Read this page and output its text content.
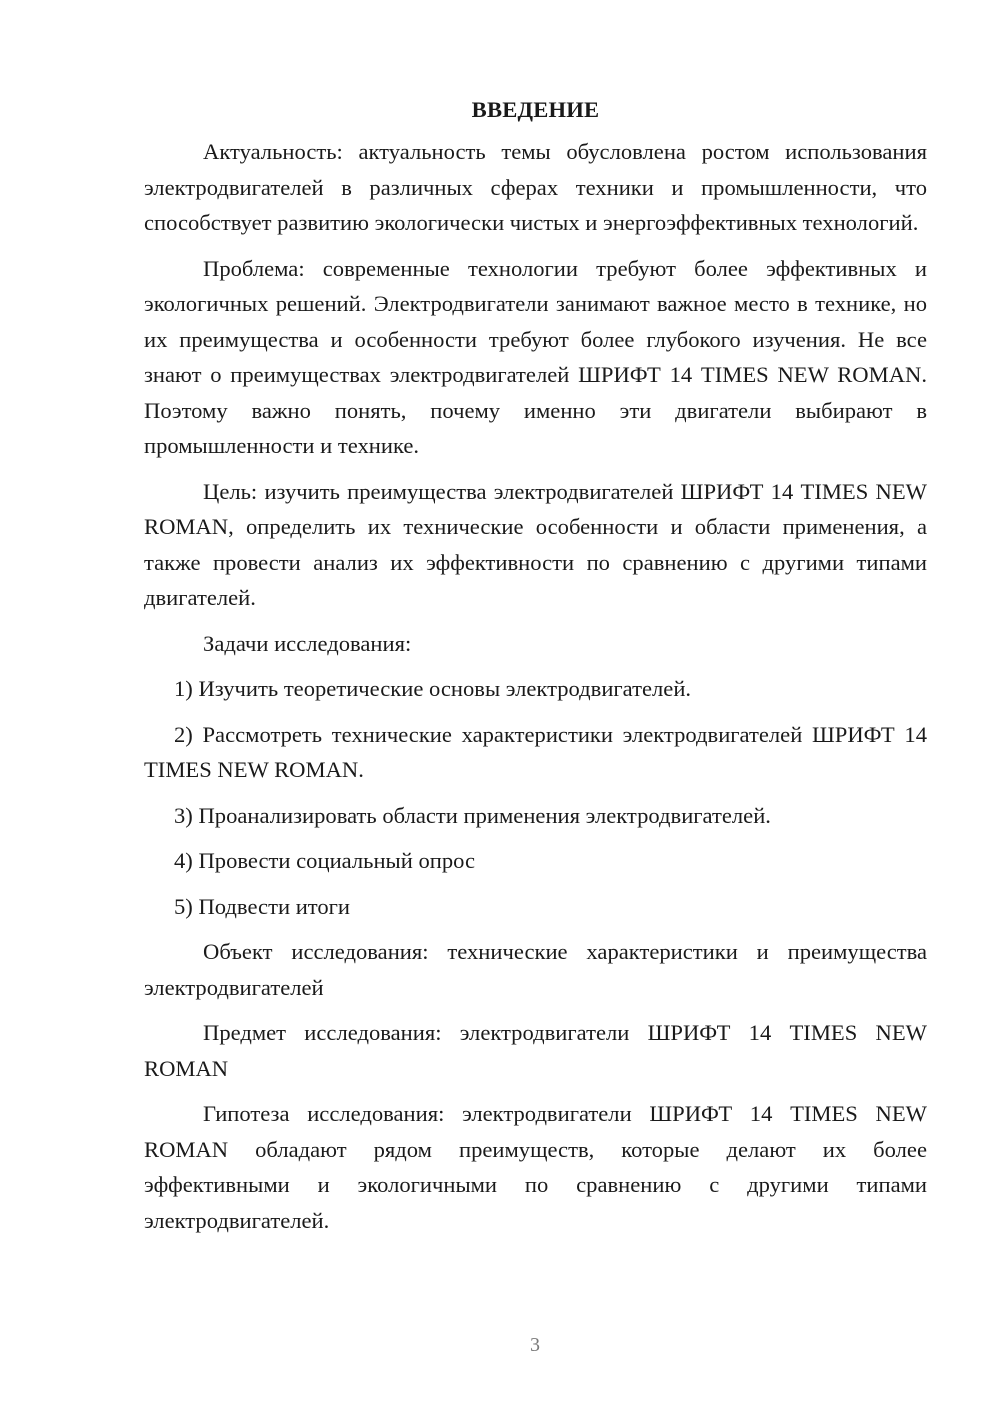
ВВЕДЕНИЕ

Актуальность: актуальность темы обусловлена ростом использования электродвигателей в различных сферах техники и промышленности, что способствует развитию экологически чистых и энергоэффективных технологий.

Проблема: современные технологии требуют более эффективных и экологичных решений. Электродвигатели занимают важное место в технике, но их преимущества и особенности требуют более глубокого изучения. Не все знают о преимуществах электродвигателей ШРИФТ 14 TIMES NEW ROMAN. Поэтому важно понять, почему именно эти двигатели выбирают в промышленности и технике.

Цель: изучить преимущества электродвигателей ШРИФТ 14 TIMES NEW ROMAN, определить их технические особенности и области применения, а также провести анализ их эффективности по сравнению с другими типами двигателей.

Задачи исследования:

1) Изучить теоретические основы электродвигателей.

2) Рассмотреть технические характеристики электродвигателей ШРИФТ 14 TIMES NEW ROMAN.

3) Проанализировать области применения электродвигателей.

4) Провести социальный опрос

5) Подвести итоги

Объект исследования: технические характеристики и преимущества электродвигателей

Предмет исследования: электродвигатели ШРИФТ 14 TIMES NEW ROMAN

Гипотеза исследования: электродвигатели ШРИФТ 14 TIMES NEW ROMAN обладают рядом преимуществ, которые делают их более эффективными и экологичными по сравнению с другими типами электродвигателей.

3
